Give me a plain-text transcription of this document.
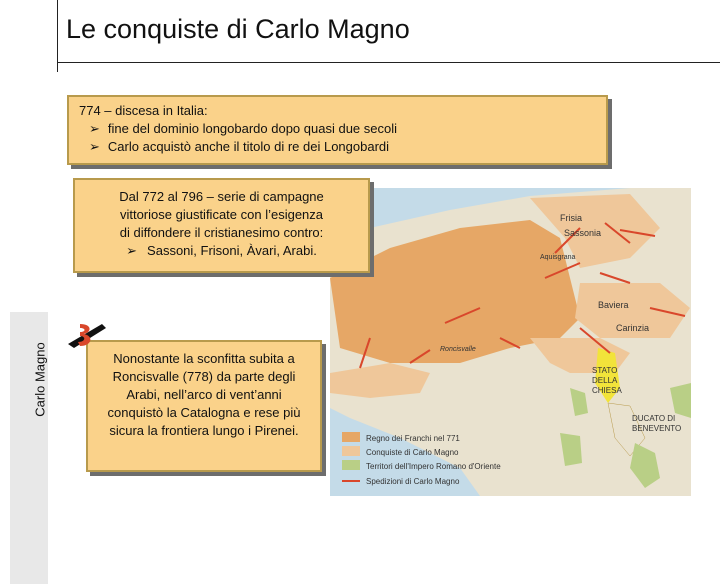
Le conquiste di Carlo Magno
Carlo Magno
774 – discesa in Italia:
➢ fine del dominio longobardo dopo quasi due secoli
➢ Carlo acquistò anche il titolo di re dei Longobardi
Frisia
Sassonia
Aquisgrana
Baviera
Carinzia
Roncisvalle
STATO
DELLA
CHIESA
DUCATO DI
BENEVENTO
Regno dei Franchi nel 771
Conquiste di Carlo Magno
Territori dell'Impero Romano d'Oriente
Spedizioni di Carlo Magno
Dal 772 al 796 – serie di campagne
vittoriose giustificate con l’esigenza
di diffondere il cristianesimo contro:
➢ Sassoni, Frisoni, Àvari, Arabi.
Nonostante la sconfitta subita a Roncisvalle (778) da parte degli Arabi, nell’arco di vent’anni conquistò la Catalogna e rese più sicura la frontiera lungo i Pirenei.
